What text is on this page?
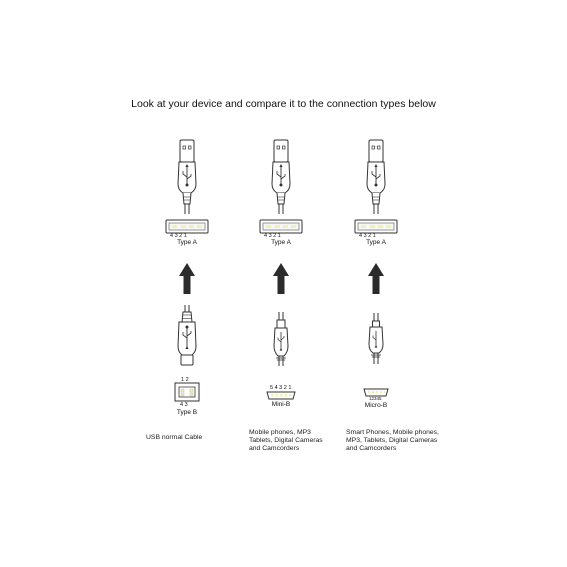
Look at your device and compare it to the connection types below
4 3 2 1
Type A
1 2
4 3
Type B
USB normal Cable
4 3 2 1
Type A
5 4 3 2 1
Mini-B
Mobile phones, MP3
Tablets, Digital Cameras
and Camcorders
4 3 2 1
Type A
12345
Micro-B
Smart Phones, Mobile phones,
MP3, Tablets, Digital Cameras
and Camcorders
